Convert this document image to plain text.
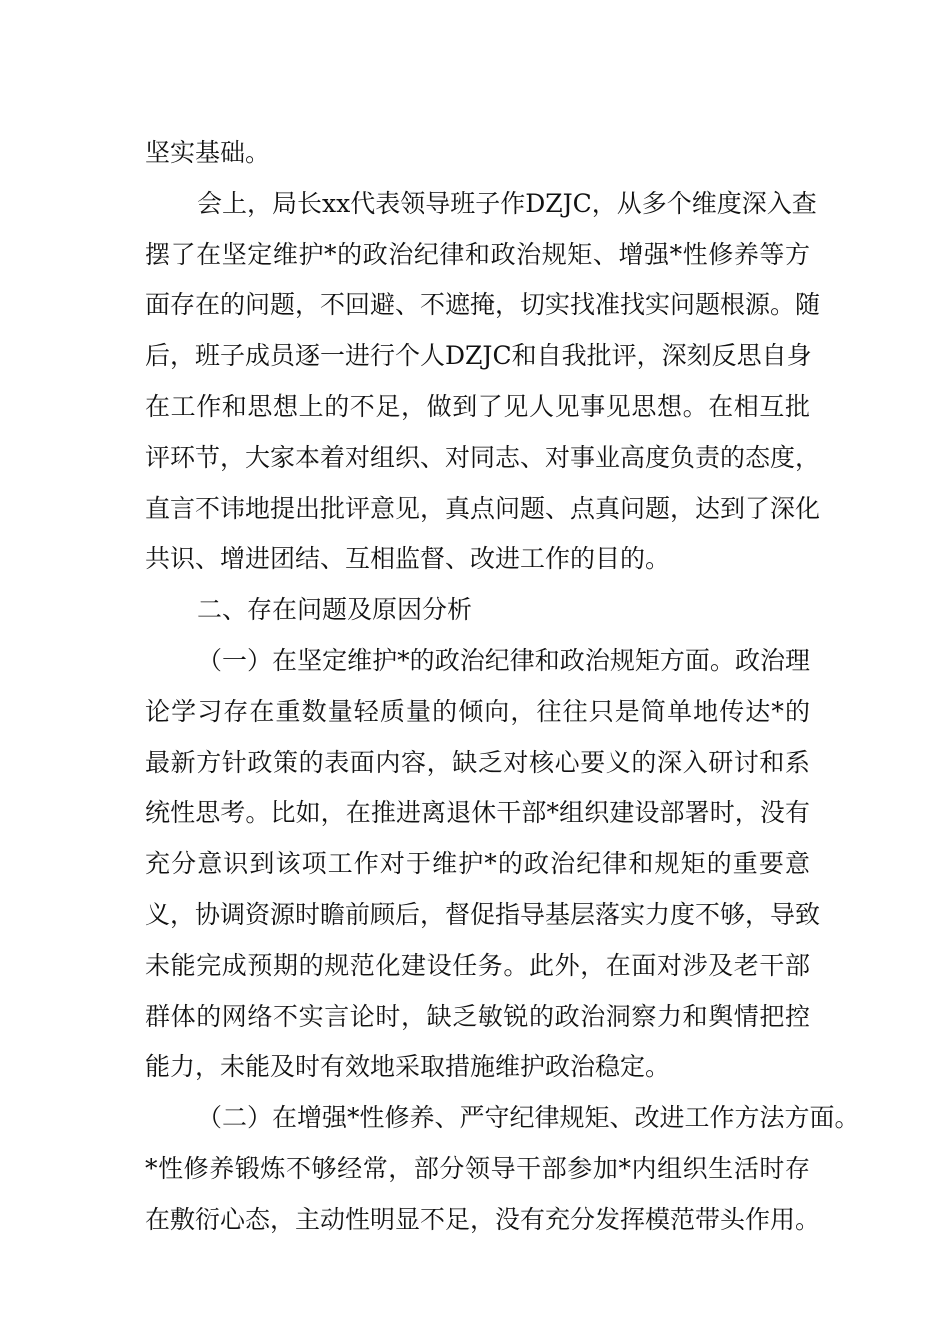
坚实基础。
会上，局长xx代表领导班子作DZJC，从多个维度深入查
摆了在坚定维护*的政治纪律和政治规矩、增强*性修养等方
面存在的问题，不回避、不遮掩，切实找准找实问题根源。随
后，班子成员逐一进行个人DZJC和自我批评，深刻反思自身
在工作和思想上的不足，做到了见人见事见思想。在相互批
评环节，大家本着对组织、对同志、对事业高度负责的态度，
直言不讳地提出批评意见，真点问题、点真问题，达到了深化
共识、增进团结、互相监督、改进工作的目的。
二、存在问题及原因分析
（一）在坚定维护*的政治纪律和政治规矩方面。政治理
论学习存在重数量轻质量的倾向，往往只是简单地传达*的
最新方针政策的表面内容，缺乏对核心要义的深入研讨和系
统性思考。比如，在推进离退休干部*组织建设部署时，没有
充分意识到该项工作对于维护*的政治纪律和规矩的重要意
义，协调资源时瞻前顾后，督促指导基层落实力度不够，导致
未能完成预期的规范化建设任务。此外，在面对涉及老干部
群体的网络不实言论时，缺乏敏锐的政治洞察力和舆情把控
能力，未能及时有效地采取措施维护政治稳定。
（二）在增强*性修养、严守纪律规矩、改进工作方法方面。
*性修养锻炼不够经常，部分领导干部参加*内组织生活时存
在敷衍心态，主动性明显不足，没有充分发挥模范带头作用。
